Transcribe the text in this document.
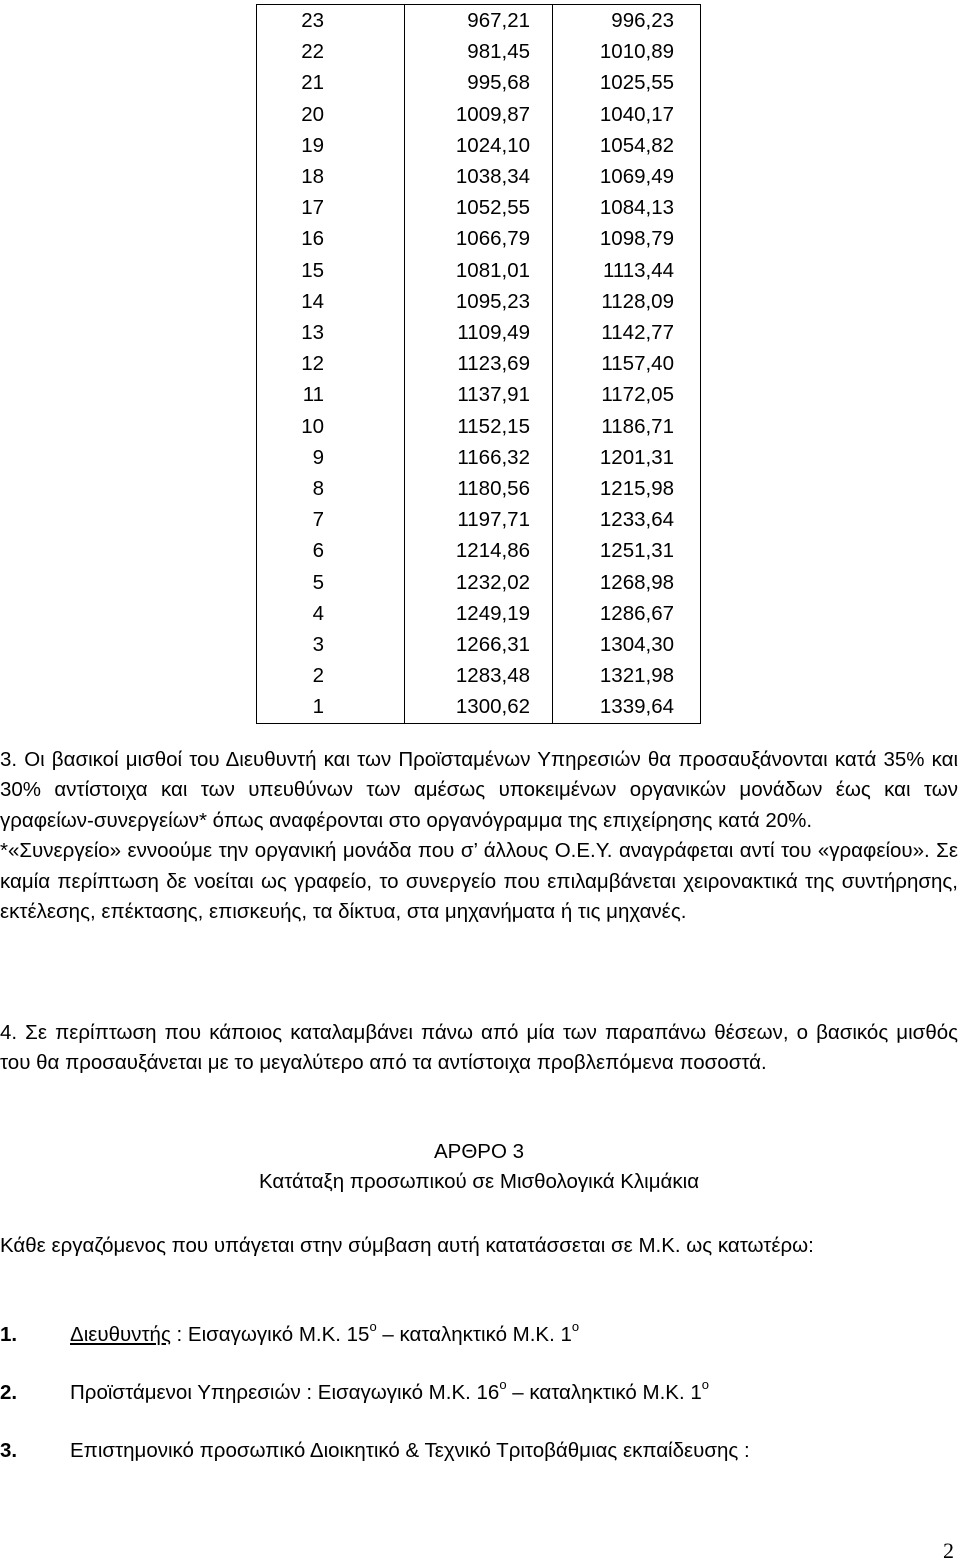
23	967,21	996,23
22	981,45	1010,89
21	995,68	1025,55
20	1009,87	1040,17
19	1024,10	1054,82
18	1038,34	1069,49
17	1052,55	1084,13
16	1066,79	1098,79
15	1081,01	1113,44
14	1095,23	1128,09
13	1109,49	1142,77
12	1123,69	1157,40
11	1137,91	1172,05
10	1152,15	1186,71
9	1166,32	1201,31
8	1180,56	1215,98
7	1197,71	1233,64
6	1214,86	1251,31
5	1232,02	1268,98
4	1249,19	1286,67
3	1266,31	1304,30
2	1283,48	1321,98
1	1300,62	1339,64

3. Οι βασικοί μισθοί του Διευθυντή και των Προϊσταμένων Υπηρεσιών θα προσαυξάνονται κατά 35% και 30% αντίστοιχα και των υπευθύνων των αμέσως υποκειμένων οργανικών μονάδων έως και των γραφείων-συνεργείων* όπως αναφέρονται στο οργανόγραμμα της επιχείρησης κατά 20%.

*«Συνεργείο» εννοούμε την οργανική μονάδα που σ’ άλλους Ο.Ε.Υ. αναγράφεται αντί του «γραφείου». Σε καμία περίπτωση δε νοείται ως γραφείο, το συνεργείο που επιλαμβάνεται χειρονακτικά της συντήρησης, εκτέλεσης, επέκτασης, επισκευής, τα δίκτυα, στα μηχανήματα ή τις μηχανές.

4. Σε περίπτωση που κάποιος καταλαμβάνει πάνω από μία των παραπάνω θέσεων, ο βασικός μισθός του θα προσαυξάνεται με το μεγαλύτερο από τα αντίστοιχα προβλεπόμενα ποσοστά.

ΑΡΘΡΟ 3
Κατάταξη προσωπικού σε Μισθολογικά Κλιμάκια

Κάθε εργαζόμενος που υπάγεται στην σύμβαση αυτή κατατάσσεται σε Μ.Κ. ως κατωτέρω:

1.	Διευθυντής : Εισαγωγικό Μ.Κ. $15^o$ – καταληκτικό Μ.Κ. $1^o$
2.	Προϊστάμενοι Υπηρεσιών : Εισαγωγικό Μ.Κ. $16^o$ – καταληκτικό Μ.Κ. $1^o$
3.	Επιστημονικό προσωπικό Διοικητικό & Τεχνικό Τριτοβάθμιας εκπαίδευσης :
2
